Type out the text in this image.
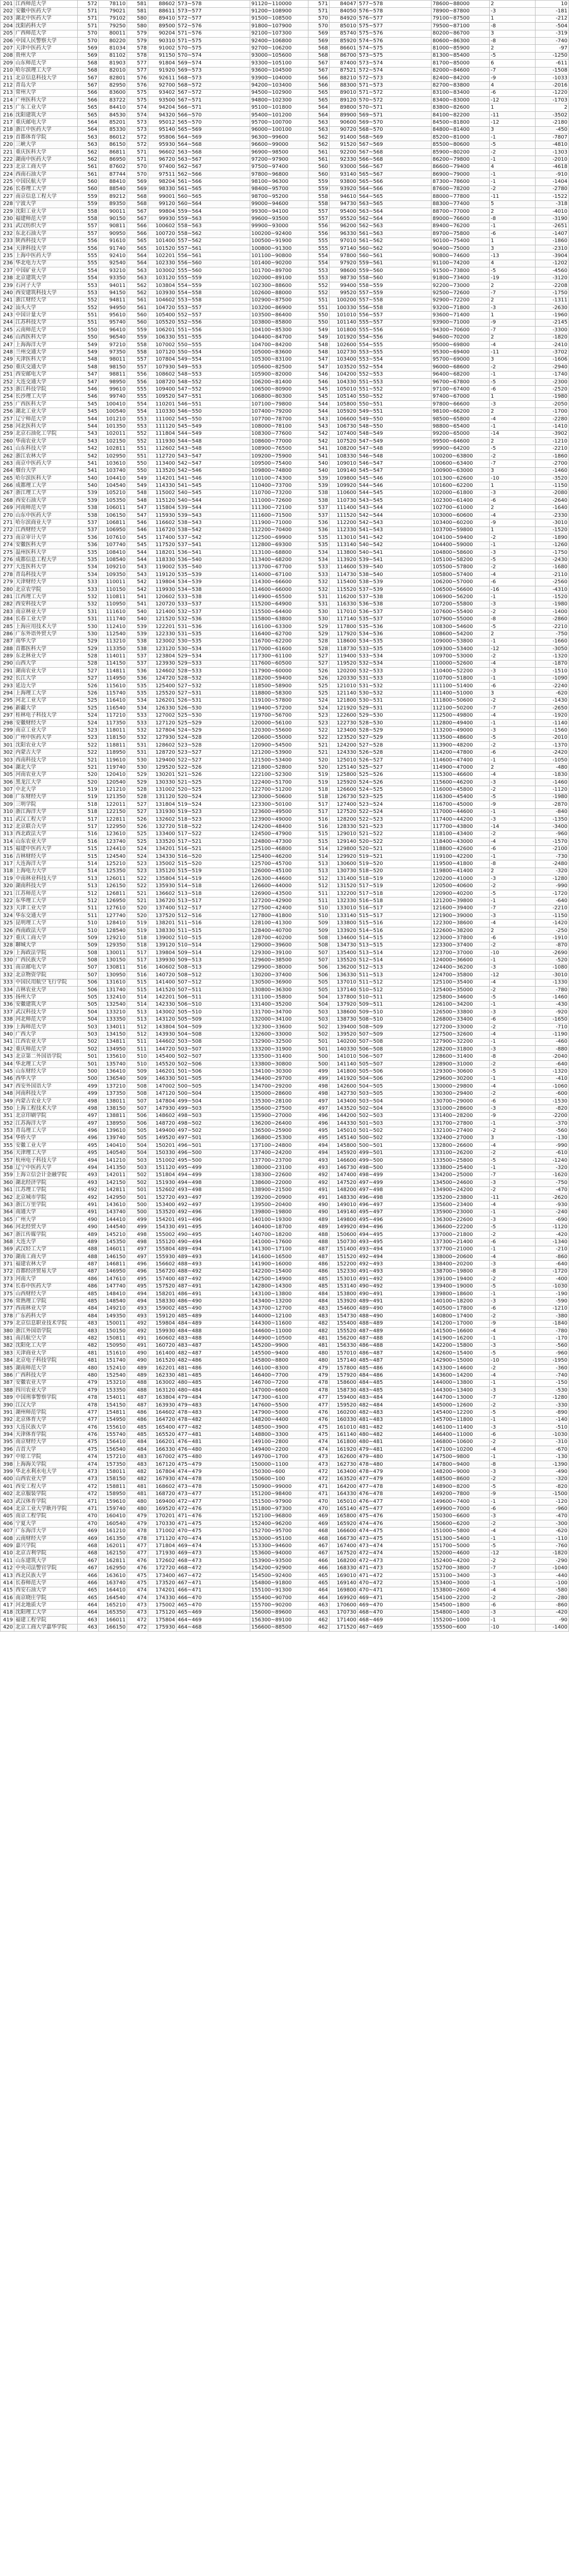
201	江西师范大学	572	78110	581	88602	573~578	91120~110000	571	84047	577~578	78600~88000	2	10
202	安徽中医药大学	571	79021	581	88611	573~577	91200~108900	571	84050	576~578	78900~87800	-3	-181
203	湖北中医药大学	571	79102	580	89410	572~577	91500~108500	570	84920	576~577	79100~87500	1	-212
204	沈阳药科大学	571	79250	580	89500	572~576	91800~107900	570	85010	575~577	79500~87100	-8	-504
205	广西师范大学	570	80011	579	90204	571~576	92100~107300	569	85740	575~576	80200~86700	3	-319
206	中国人民警察大学	570	80220	579	90310	571~575	92400~106800	569	85920	574~576	80600~86300	-8	-740
207	天津中医药大学	569	81034	578	91002	570~575	92700~106200	568	86601	574~575	81000~85900	2	-97
208	贵州大学	569	81102	578	91150	570~574	93000~105600	568	86700	573~575	81300~85400	-5	-1250
209	山东师范大学	568	81903	577	91804	569~574	93300~105100	567	87400	573~574	81700~85000	6	-611
210	哈尔滨理工大学	568	82010	577	91920	569~573	93600~104500	567	87521	572~574	82000~84600	-7	-1508
211	北京信息科技大学	567	82801	576	92611	568~573	93900~104000	566	88210	572~573	82400~84200	-9	-1033
212	青岛大学	567	82950	576	92700	568~572	94200~103400	566	88300	571~573	82700~83800	4	-2016
213	常州大学	566	83600	575	93402	567~572	94500~102900	565	89010	571~572	83100~83400	-6	-1220
214	广州医科大学	566	83722	575	93500	567~571	94800~102300	565	89120	570~572	83400~83000	-12	-1703
215	广东工业大学	565	84410	574	94204	566~571	95100~101800	564	89800	570~571	83800~82600	1	2
216	沈阳建筑大学	565	84530	574	94320	566~570	95400~101200	564	89900	569~571	84100~82200	-11	-3502
217	重庆邮电大学	564	85201	573	95012	565~570	95700~100700	563	90600	569~570	84500~81800	-12	-2180
218	浙江中医药大学	564	85330	573	95140	565~569	96000~100100	563	90720	568~570	84800~81400	3	-450
219	首都体育学院	563	86012	572	95806	564~569	96300~99600	562	91400	568~569	85200~81000	-1	-7807
220	三峡大学	563	86150	572	95930	564~568	96600~99000	562	91520	567~569	85500~80600	-5	-4810
221	重庆医科大学	562	86811	571	96602	563~568	96900~98500	561	92200	567~568	85900~80200	-2	-1303
222	湖南中医药大学	562	86950	571	96720	563~567	97200~97900	561	92330	566~568	86200~79800	-1	-2010
223	北京工商大学	561	87602	570	97400	562~567	97500~97400	560	93000	566~567	86600~79400	4	-4618
224	西南石油大学	561	87744	570	97511	562~566	97800~96800	560	93140	565~567	86900~79000	-1	-910
225	中国民航大学	560	88410	569	98204	561~566	98100~96300	559	93800	565~566	87300~78600	-1	-1404
226	长春理工大学	560	88540	569	98330	561~565	98400~95700	559	93920	564~566	87600~78200	-2	-2780
227	南京信息工程大学	559	89212	568	99001	560~565	98700~95200	558	94610	564~565	88000~77800	-11	-1522
228	宁波大学	559	89350	568	99120	560~564	99000~94600	558	94730	563~565	88300~77400	5	-318
229	沈阳工业大学	558	90011	567	99804	559~564	99300~94100	557	95400	563~564	88700~77000	2	-4010
230	福建师范大学	558	90150	567	99930	559~563	99600~93500	557	95520	562~564	89000~76600	-8	-3190
231	武汉纺织大学	557	90811	566	100602	558~563	99900~93000	556	96200	562~563	89400~76200	-1	-2651
232	东北石油大学	557	90950	566	100720	558~562	100200~92400	556	96330	561~563	89700~75800	-6	-1407
233	陕西科技大学	556	91610	565	101400	557~562	100500~91900	555	97010	561~562	90100~75400	1	-1860
234	天津科技大学	556	91740	565	101520	557~561	100800~91300	555	97140	560~562	90400~75000	3	-2310
235	上海中医药大学	555	92410	564	102201	556~561	101100~90800	554	97800	560~561	90800~74600	-13	-3904
236	华北电力大学	555	92540	564	102330	556~560	101400~90200	554	97920	559~561	91100~74200	4	-1202
237	中国矿业大学	554	93210	563	103002	555~560	101700~89700	553	98600	559~560	91500~73800	-5	-4560
238	北京建筑大学	554	93350	563	103120	555~559	102000~89100	553	98730	558~560	91800~73400	-19	-3120
239	石河子大学	553	94011	562	103804	554~559	102300~88600	552	99400	558~559	92200~73000	2	-2208
240	西安建筑科技大学	553	94150	562	103930	554~558	102600~88000	552	99520	557~559	92500~72600	-7	-1750
241	浙江财经大学	552	94811	561	104602	553~558	102900~87500	551	100200	557~558	92900~72200	2	-1311
242	汕头大学	552	94950	561	104720	553~557	103200~86900	551	100330	556~558	93200~71800	-3	-2630
243	中国计量大学	551	95610	560	105400	552~557	103500~86400	550	101010	556~557	93600~71400	1	-1960
244	江苏科技大学	551	95740	560	105520	552~556	103800~85800	550	101140	555~557	93900~71000	-9	-2145
245	云南师范大学	550	96410	559	106201	551~556	104100~85300	549	101800	555~556	94300~70600	-7	-3300
246	山西医科大学	550	96540	559	106330	551~555	104400~84700	549	101920	554~556	94600~70200	2	-1820
247	上海海洋大学	549	97210	558	107002	550~555	104700~84200	548	102600	554~555	95000~69800	-4	-2410
248	兰州交通大学	549	97350	558	107120	550~554	105000~83600	548	102730	553~555	95300~69400	-11	-3702
249	天津医科大学	548	98011	557	107804	549~554	105300~83100	547	103400	553~554	95700~69000	3	-1606
250	重庆交通大学	548	98150	557	107930	549~553	105600~82500	547	103520	552~554	96000~68600	-2	-2940
251	西安邮电大学	547	98811	556	108602	548~553	105900~82000	546	104200	552~553	96400~68200	-1	-1740
252	大连交通大学	547	98950	556	108720	548~552	106200~81400	546	104330	551~553	96700~67800	-5	-2300
253	浙江科技学院	546	99610	555	109400	547~552	106500~80900	545	105010	551~552	97100~67400	-6	-2520
254	长沙理工大学	546	99740	555	109520	547~551	106800~80300	545	105140	550~552	97400~67000	1	-1980
255	广西医科大学	545	100410	554	110201	546~551	107100~79800	544	105800	550~551	97800~66600	-3	-2050
256	湖北工业大学	545	100540	554	110330	546~550	107400~79200	544	105920	549~551	98100~66200	2	-1700
257	辽宁师范大学	544	101210	553	111002	545~550	107700~78700	543	106600	549~550	98500~65800	-4	-2280
258	河北医科大学	544	101350	553	111120	545~549	108000~78100	543	106730	548~550	98800~65400	-1	-1410
259	北京石油化工学院	543	102011	552	111804	544~549	108300~77600	542	107400	548~549	99200~65000	-14	-3902
260	华南农业大学	543	102150	552	111930	544~548	108600~77000	542	107520	547~549	99500~64600	2	-1210
261	山东科技大学	542	102811	551	112602	543~548	108900~76500	541	108200	547~548	99900~64200	-5	-2210
262	浙江农林大学	542	102950	551	112720	543~547	109200~75900	541	108330	546~548	100200~63800	-2	-1860
263	南京中医药大学	541	103610	550	113400	542~547	109500~75400	540	109010	546~547	100600~63400	-7	-2700
264	烟台大学	541	103740	550	113520	542~546	109800~74800	540	109140	545~547	100900~63000	3	-1460
265	哈尔滨医科大学	540	104410	549	114201	541~546	110100~74300	539	109800	545~546	101300~62600	-10	-3520
266	成都理工大学	540	104540	549	114330	541~545	110400~73700	539	109920	544~546	101600~62200	1	-1150
267	浙江理工大学	539	105210	548	115002	540~545	110700~73200	538	110600	544~545	102000~61800	-3	-2080
268	西安石油大学	539	105350	548	115120	540~544	111000~72600	538	110730	543~545	102300~61400	-6	-2640
269	河南师范大学	538	106011	547	115804	539~544	111300~72100	537	111400	543~544	102700~61000	2	-1640
270	山东中医药大学	538	106150	547	115930	539~543	111600~71500	537	111520	542~544	103000~60600	-4	-2330
271	哈尔滨商业大学	537	106811	546	116602	538~543	111900~71000	536	112200	542~543	103400~60200	-9	-3010
272	江西财经大学	537	106950	546	116720	538~542	112200~70400	536	112330	541~543	103700~59800	1	-1520
273	南京审计大学	536	107610	545	117400	537~542	112500~69900	535	113010	541~542	104100~59400	-2	-1890
274	安徽医科大学	536	107740	545	117520	537~541	112800~69300	535	113140	540~542	104400~59000	-1	-1260
275	温州医科大学	535	108410	544	118201	536~541	113100~68800	534	113800	540~541	104800~58600	-3	-1750
276	成都信息工程大学	535	108540	544	118330	536~540	113400~68200	534	113920	539~541	105100~58200	-5	-2430
277	大连医科大学	534	109210	543	119002	535~540	113700~67700	533	114600	539~540	105500~57800	-2	-1680
278	青岛科技大学	534	109350	543	119120	535~539	114000~67100	533	114730	538~540	105800~57400	-4	-2110
279	天津财经大学	533	110011	542	119804	534~539	114300~66600	532	115400	538~539	106200~57000	-6	-2560
280	北京农学院	533	110150	542	119930	534~538	114600~66000	532	115520	537~539	106500~56600	-16	-4310
281	江西理工大学	532	110811	541	120602	533~538	114900~65500	531	116200	537~538	106900~56200	-1	-1520
282	西安科技大学	532	110950	541	120720	533~537	115200~64900	531	116330	536~538	107200~55800	-3	-1980
283	南京林业大学	531	111610	540	121400	532~537	115500~64400	530	117010	536~537	107600~55400	-2	-1400
284	长春工业大学	531	111740	540	121520	532~536	115800~63800	530	117140	535~537	107900~55000	-8	-2860
285	上海应用技术大学	530	112410	539	122201	531~536	116100~63300	529	117800	535~536	108300~54600	-5	-2210
286	广东外语外贸大学	530	112540	539	122330	531~535	116400~62700	529	117920	534~536	108600~54200	2	-750
287	南华大学	529	113210	538	123002	530~535	116700~62200	528	118600	534~535	109000~53800	-1	-1660
288	首都医科大学	529	113350	538	123120	530~534	117000~61600	528	118730	533~535	109300~53400	-12	-3050
289	东北林业大学	528	114011	537	123804	529~534	117300~61100	527	119400	533~534	109700~53000	-2	-1320
290	山西大学	528	114150	537	123930	529~533	117600~60500	527	119520	532~534	110000~52600	-4	-1870
291	湖南农业大学	527	114811	536	124602	528~533	117900~60000	526	120200	532~533	110400~52200	-3	-1510
292	长江大学	527	114950	536	124720	528~532	118200~59400	526	120330	531~533	110700~51800	-1	-1090
293	延边大学	526	115610	535	125400	527~532	118500~58900	525	121010	531~532	111100~51400	-6	-2240
294	上海理工大学	526	115740	535	125520	527~531	118800~58300	525	121140	530~532	111400~51000	3	-620
295	河北工业大学	525	116410	534	126201	526~531	119100~57800	524	121800	530~531	111800~50600	-2	-1430
296	新疆大学	525	116540	534	126330	526~530	119400~57200	524	121920	529~531	112100~50200	-7	-2650
297	桂林电子科技大学	524	117210	533	127002	525~530	119700~56700	523	122600	529~530	112500~49800	-4	-1920
298	安徽财经大学	524	117350	533	127120	525~529	120000~56100	523	122730	528~530	112800~49400	-1	-1140
299	南京工业大学	523	118011	532	127804	524~529	120300~55600	522	123400	528~529	113200~49000	-3	-1560
300	广州中医药大学	523	118150	532	127930	524~528	120600~55000	522	123520	527~529	113500~48600	-5	-2010
301	沈阳农业大学	522	118811	531	128602	523~528	120900~54500	521	124200	527~528	113900~48200	-2	-1370
302	内蒙古大学	522	118950	531	128720	523~527	121200~53900	521	124330	526~528	114200~47800	-6	-2420
303	西南科技大学	521	119610	530	129400	522~527	121500~53400	520	125010	526~527	114600~47400	-1	-1050
304	湖北大学	521	119740	530	129520	522~526	121800~52800	520	125140	525~527	114900~47000	2	-480
305	河南农业大学	520	120410	529	130201	521~526	122100~52300	519	125800	525~526	115300~46600	-4	-1830
306	黑龙江大学	520	120540	529	130330	521~525	122400~51700	519	125920	524~526	115600~46200	-3	-1460
307	中北大学	519	121210	528	131002	520~525	122700~51200	518	126600	524~525	116000~45800	-2	-1120
308	广东财经大学	519	121350	528	131120	520~524	123000~50600	518	126730	523~525	116300~45400	-5	-1980
309	三明学院	518	122011	527	131804	519~524	123300~50100	517	127400	523~524	116700~45000	-9	-2870
310	浙江海洋大学	518	122150	527	131930	519~523	123600~49500	517	127520	522~524	117000~44600	-1	-840
311	武汉工程大学	517	122811	526	132602	518~523	123900~49000	516	128200	522~523	117400~44200	-3	-1350
312	北京联合大学	517	122950	526	132720	518~522	124200~48400	516	128330	521~523	117700~43800	-14	-3400
313	西北政法大学	516	123610	525	133400	517~522	124500~47900	515	129010	521~522	118100~43400	-2	-960
314	山东农业大学	516	123740	525	133520	517~521	124800~47300	515	129140	520~522	118400~43000	-4	-1570
315	福建中医药大学	515	124410	524	134201	516~521	125100~46800	514	129800	520~521	118800~42600	-6	-2100
316	吉林财经大学	515	124540	524	134330	516~520	125400~46200	514	129920	519~521	119100~42200	-1	-730
317	大连海洋大学	514	125210	523	135002	515~520	125700~45700	513	130600	519~520	119500~41800	-8	-2480
318	上海电力大学	514	125350	523	135120	515~519	126000~45100	513	130730	518~520	119800~41400	2	-320
319	中南林业科技大学	513	126011	522	135804	514~519	126300~44600	512	131400	518~519	120200~41000	-3	-1280
320	湖南科技大学	513	126150	522	135930	514~518	126600~44000	512	131520	517~519	120500~40600	-2	-990
321	江苏师范大学	512	126811	521	136602	513~518	126900~43500	511	132200	517~518	120900~40200	-5	-1720
322	东华理工大学	512	126950	521	136720	513~517	127200~42900	511	132330	516~518	121200~39800	-1	-640
323	天津工业大学	511	127610	520	137400	512~517	127500~42400	510	133010	516~517	121600~39400	-7	-2210
324	华东交通大学	511	127740	520	137520	512~516	127800~41800	510	133140	515~517	121900~39000	-3	-1150
325	昆明理工大学	510	128410	519	138201	511~516	128100~41300	509	133800	515~516	122300~38600	-4	-1420
326	西南政法大学	510	128540	519	138330	511~515	128400~40700	509	133920	514~516	122600~38200	2	-250
327	重庆工商大学	509	129210	518	139002	510~515	128700~40200	508	134600	514~515	123000~37800	-6	-1910
328	聊城大学	509	129350	518	139120	510~514	129000~39600	508	134730	513~515	123300~37400	-2	-870
329	上海政法学院	508	130011	517	139804	509~514	129300~39100	507	135400	513~514	123700~37000	-10	-2690
330	广西民族大学	508	130150	517	139930	509~513	129600~38500	507	135520	512~514	124000~36600	-1	-520
331	南京邮电大学	507	130811	516	140602	508~513	129900~38000	506	136200	512~513	124400~36200	-3	-1080
332	北京物资学院	507	130950	516	140720	508~512	130200~37400	506	136330	511~513	124700~35800	-12	-3010
333	中国民用航空飞行学院	506	131610	515	141400	507~512	130500~36900	505	137010	511~512	125100~35400	-4	-1330
334	吉林农业大学	506	131740	515	141520	507~511	130800~36300	505	137140	510~512	125400~35000	-2	-780
335	扬州大学	505	132410	514	142201	506~511	131100~35800	504	137800	510~511	125800~34600	-5	-1460
336	安徽建筑大学	505	132540	514	142330	506~510	131400~35200	504	137920	509~511	126100~34200	-1	-430
337	武汉科技大学	504	133210	513	143002	505~510	131700~34700	503	138600	509~510	126500~33800	-3	-920
338	河北师范大学	504	133350	513	143120	505~509	132000~34100	503	138730	508~510	126800~33400	-6	-1650
339	上海师范大学	503	134011	512	143804	504~509	132300~33600	502	139400	508~509	127200~33000	-2	-710
340	广西大学	503	134150	512	143930	504~508	132600~33000	502	139520	507~509	127500~32600	-4	-1190
341	江西农业大学	502	134811	511	144602	503~508	132900~32500	501	140200	507~508	127900~32200	-1	-460
342	重庆师范大学	502	134950	511	144720	503~507	133200~31900	501	140330	506~508	128200~31800	-3	-880
343	北京第二外国语学院	501	135610	510	145400	502~507	133500~31400	500	141010	506~507	128600~31400	-8	-2040
344	华北理工大学	501	135740	510	145520	502~506	133800~30800	500	141140	505~507	128900~31000	-2	-640
345	山东财经大学	500	136410	509	146201	501~506	134100~30300	499	141800	505~506	129300~30600	-5	-1320
346	西华大学	500	136540	509	146330	501~505	134400~29700	499	141920	504~506	129600~30200	-1	-410
347	西安外国语大学	499	137210	508	147002	500~505	134700~29200	498	142600	504~505	130000~29800	-4	-1060
348	河南科技大学	499	137350	508	147120	500~504	135000~28600	498	142730	503~505	130300~29400	-2	-600
349	内蒙古农业大学	498	138011	507	147804	499~504	135300~28100	497	143400	503~504	130700~29000	-6	-1530
350	上海工程技术大学	498	138150	507	147930	499~503	135600~27500	497	143520	502~504	131000~28600	-3	-820
351	北京印刷学院	497	138811	506	148602	498~503	135900~27000	496	144200	502~503	131400~28200	-9	-2200
352	江苏海洋大学	497	138950	506	148720	498~502	136200~26400	496	144330	501~503	131700~27800	-1	-370
353	青岛理工大学	496	139610	505	149400	497~502	136500~25900	495	145010	501~502	132100~27400	-2	-560
354	华侨大学	496	139740	505	149520	497~501	136800~25300	495	145140	500~502	132400~27000	3	-130
355	安徽工业大学	495	140410	504	150201	496~501	137100~24800	494	145800	500~501	132800~26600	-4	-990
356	天津理工大学	495	140540	504	150330	496~500	137400~24200	494	145920	499~501	133100~26200	-2	-610
357	杭州电子科技大学	494	141210	503	151002	495~500	137700~23700	493	146600	499~500	133500~25800	-5	-1240
358	辽宁中医药大学	494	141350	503	151120	495~499	138000~23100	493	146730	498~500	133800~25400	-1	-320
359	上海立信会计金融学院	493	142011	502	151804	494~499	138300~22600	492	147400	498~499	134200~25000	-7	-1620
360	湖北经济学院	493	142150	502	151930	494~498	138600~22000	492	147520	497~499	134500~24600	-3	-750
361	江苏理工学院	492	142811	501	152602	493~498	138900~21500	491	148200	497~498	134900~24200	-2	-470
362	北京城市学院	492	142950	501	152720	493~497	139200~20900	491	148330	496~498	135200~23800	-11	-2620
363	浙江万里学院	491	143610	500	153400	492~497	139500~20400	490	149010	496~497	135600~23400	-4	-930
364	南通大学	491	143740	500	153520	492~496	139800~19800	490	149140	495~497	135900~23000	-1	-240
365	广州大学	490	144410	499	154201	491~496	140100~19300	489	149800	495~496	136300~22600	-3	-690
366	河北经贸大学	490	144540	499	154330	491~495	140400~18700	489	149920	494~496	136600~22200	-5	-1120
367	浙江传媒学院	489	145210	498	155002	490~495	140700~18200	488	150600	494~495	137000~21800	-2	-420
368	大连大学	489	145350	498	155120	490~494	141000~17600	488	150730	493~495	137300~21400	-6	-1340
369	武汉轻工大学	488	146011	497	155804	489~494	141300~17100	487	151400	493~494	137700~21000	-1	-210
370	湖南工商大学	488	146150	497	155930	489~493	141600~16500	487	151520	492~494	138000~20600	-4	-860
371	福建农林大学	487	146811	496	156602	488~493	141900~16000	486	152200	492~493	138400~20200	-3	-640
372	首都经济贸易大学	487	146950	496	156720	488~492	142200~15400	486	152330	491~493	138700~19800	-8	-1720
373	河南大学	486	147610	495	157400	487~492	142500~14900	485	153010	491~492	139100~19400	-2	-400
374	长春中医药大学	486	147740	495	157520	487~491	142800~14300	485	153140	490~492	139400~19000	-5	-1030
375	山西财经大学	485	148410	494	158201	486~491	143100~13800	484	153800	490~491	139800~18600	-1	-190
376	常熟理工学院	485	148540	494	158330	486~490	143400~13200	484	153920	489~491	140100~18200	-3	-590
377	西南林业大学	484	149210	493	159002	485~490	143700~12700	483	154600	489~490	140500~17800	-6	-1210
378	广东药科大学	484	149350	493	159120	485~489	144000~12100	483	154730	488~490	140800~17400	-2	-380
379	北京信息职业技术学院	483	150011	492	159804	484~489	144300~11600	482	155400	488~489	141200~17000	-9	-1840
380	浙江外国语学院	483	150150	492	159930	484~488	144600~11000	482	155520	487~489	141500~16600	-4	-780
381	南昌航空大学	482	150811	491	160602	483~488	144900~10500	481	156200	487~488	141900~16200	-1	-170
382	沈阳化工大学	482	150950	491	160720	483~487	145200~9900	481	156330	486~488	142200~15800	-3	-560
383	天津商业大学	481	151610	490	161400	482~487	145500~9400	480	157010	486~487	142600~15400	-5	-960
384	北京电子科技学院	481	151740	490	161520	482~486	145800~8800	480	157140	485~487	142900~15000	-10	-1950
385	湖南师范大学	480	152410	489	162201	481~486	146100~8300	479	157800	485~486	143300~14600	-2	-360
386	广西科技大学	480	152540	489	162330	481~485	146400~7700	479	157920	484~486	143600~14200	-4	-740
387	安徽农业大学	479	153210	488	163002	480~485	146700~7200	478	158600	484~485	144000~13800	-1	-150
388	四川农业大学	479	153350	488	163120	480~484	147000~6600	478	158730	483~485	144300~13400	-3	-530
389	中国刑事警察学院	478	154011	487	163804	479~484	147300~6100	477	159400	483~484	144700~13000	-7	-1280
390	江汉大学	478	154150	487	163930	479~483	147600~5500	477	159520	482~484	145000~12600	-2	-330
391	湖州师范学院	477	154811	486	164602	478~483	147900~5000	476	160200	482~483	145400~12200	-5	-890
392	北京体育大学	477	154950	486	164720	478~482	148200~4400	476	160330	481~483	145700~11800	-1	-140
393	大连民族大学	476	155610	485	165400	477~482	148500~3900	475	161010	481~482	146100~11400	-3	-510
394	天津体育学院	476	155740	485	165520	477~481	148800~3300	475	161140	480~482	146400~11000	-6	-1030
395	南京财经大学	475	156410	484	166201	476~481	149100~2800	474	161800	480~481	146800~10600	-2	-310
396	吉首大学	475	156540	484	166330	476~480	149400~2200	474	161920	479~481	147100~10200	-4	-670
397	中原工学院	474	157210	483	167002	475~480	149700~1700	473	162600	479~480	147500~9800	-1	-130
398	上海海关学院	474	157350	483	167120	475~479	150000~1100	473	162730	478~480	147800~9400	-8	-1390
399	华北水利水电大学	473	158011	482	167804	474~479	150300~600	472	163400	478~479	148200~9000	-3	-490
400	山西农业大学	473	158150	482	167930	474~478	150600~100	472	163520	477~479	148500~8600	-2	-320
401	西安工程大学	472	158811	481	168602	473~478	150900~99000	471	164200	477~478	148900~8200	-5	-820
402	北京服装学院	472	158950	481	168720	473~477	151200~98400	471	164330	476~478	149200~7800	-9	-1500
403	武汉体育学院	471	159610	480	169400	472~477	151500~97900	470	165010	476~477	149600~7400	-1	-120
404	北京工业大学耿丹学院	471	159740	480	169520	472~476	151800~97300	470	165140	475~477	149900~7000	-6	-960
405	南京工程学院	470	160410	479	170201	471~476	152100~96800	469	165800	475~476	150300~6600	-3	-470
406	宁夏大学	470	160540	479	170330	471~475	152400~96200	469	165920	474~476	150600~6200	-2	-300
407	广东海洋大学	469	161210	478	171002	470~475	152700~95700	468	166600	474~475	151000~5800	-4	-620
408	云南财经大学	469	161350	478	171120	470~474	153000~95100	468	166730	473~475	151300~5400	-1	-110
409	嘉兴学院	468	162011	477	171804	469~474	153300~94600	467	167400	473~474	151700~5000	-5	-760
410	北京吉利学院	468	162150	477	171930	469~473	153600~94000	467	167520	472~474	152000~4600	-12	-1820
411	山东建筑大学	467	162811	476	172602	468~473	153900~93500	466	168200	472~473	152400~4200	-2	-290
412	中央司法警官学院	467	162950	476	172720	468~472	154200~92900	466	168330	471~473	152700~3800	-7	-1040
413	西北民族大学	466	163610	475	173400	467~472	154500~92400	465	169010	471~472	153100~3400	-3	-440
414	长春师范大学	466	163740	475	173520	467~471	154800~91800	465	169140	470~472	153400~3000	-1	-100
415	西安石油大学	465	164410	474	174201	466~471	155100~91300	464	169800	470~471	153800~2600	-4	-580
416	南京晓庄学院	465	164540	474	174330	466~470	155400~90700	464	169920	469~471	154100~2200	-2	-280
417	河北地质大学	464	165210	473	175002	465~470	155700~90200	463	170600	469~470	154500~1800	-6	-860
418	沈阳理工大学	464	165350	473	175120	465~469	156000~89600	463	170730	468~470	154800~1400	-3	-420
419	福建工程学院	463	166011	472	175804	464~469	156300~89100	462	171400	468~469	155200~1000	-1	-90
420	北京工商大学嘉华学院	463	166150	472	175930	464~468	156600~88500	462	171520	467~469	155500~600	-10	-1400
